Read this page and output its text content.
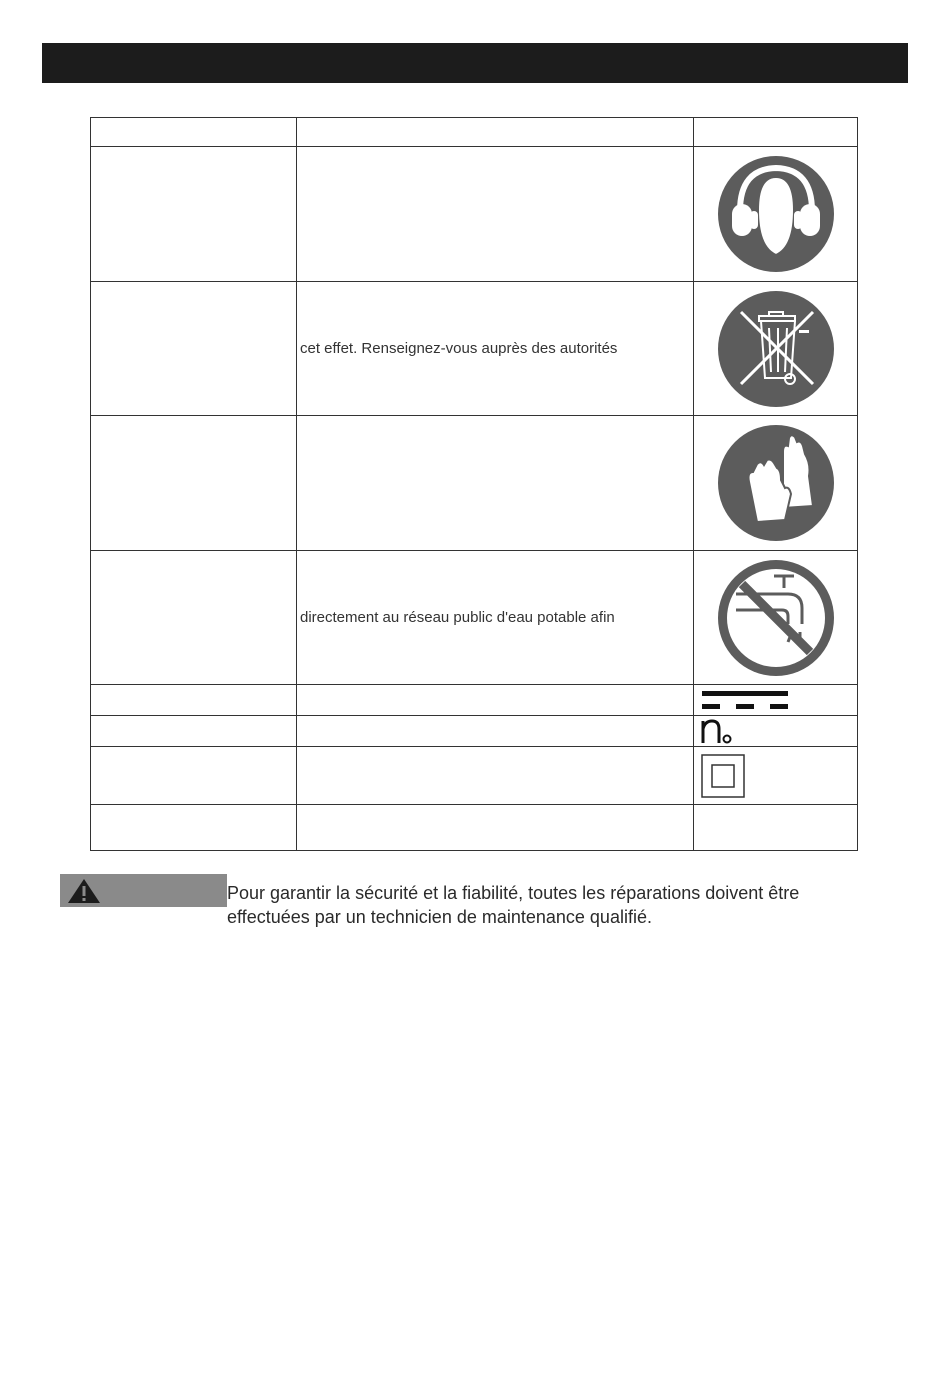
	cet effet. Renseignez-vous auprès des autorités

	directement au réseau public d'eau potable afin

Pour garantir la sécurité et la fiabilité, toutes les réparations doivent être
effectuées par un technicien de maintenance qualifié.
